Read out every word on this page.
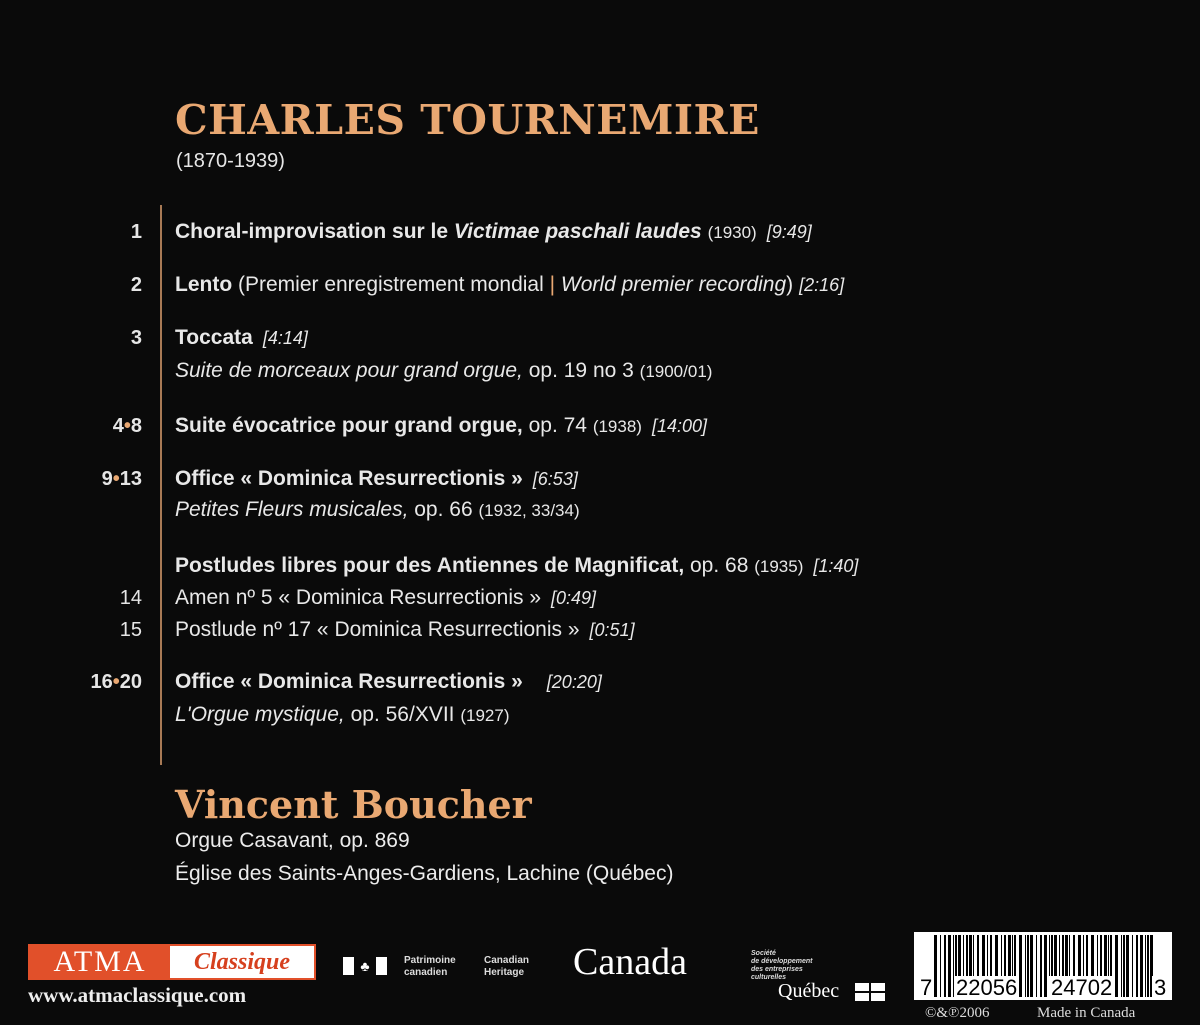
CHARLES TOURNEMIRE
(1870-1939)
1 Choral-improvisation sur le Victimae paschali laudes (1930) [9:49]
2 Lento (Premier enregistrement mondial | World premier recording) [2:16]
3 Toccata [4:14]
Suite de morceaux pour grand orgue, op. 19 no 3 (1900/01)
4•8 Suite évocatrice pour grand orgue, op. 74 (1938) [14:00]
9•13 Office « Dominica Resurrectionis » [6:53]
Petites Fleurs musicales, op. 66 (1932, 33/34)
Postludes libres pour des Antiennes de Magnificat, op. 68 (1935) [1:40]
14 Amen nº 5 « Dominica Resurrectionis » [0:49]
15 Postlude nº 17 « Dominica Resurrectionis » [0:51]
16•20 Office « Dominica Resurrectionis » [20:20]
L'Orgue mystique, op. 56/XVII (1927)
Vincent Boucher
Orgue Casavant, op. 869
Église des Saints-Anges-Gardiens, Lachine (Québec)
ATMA	Classique
www.atmaclassique.com
♣	Patrimoine
canadien
Canadian
Heritage Canada	Société
de développement
des entreprises
culturelles
Québec	7 22056 24702 3
©&℗2006	Made in Canada
